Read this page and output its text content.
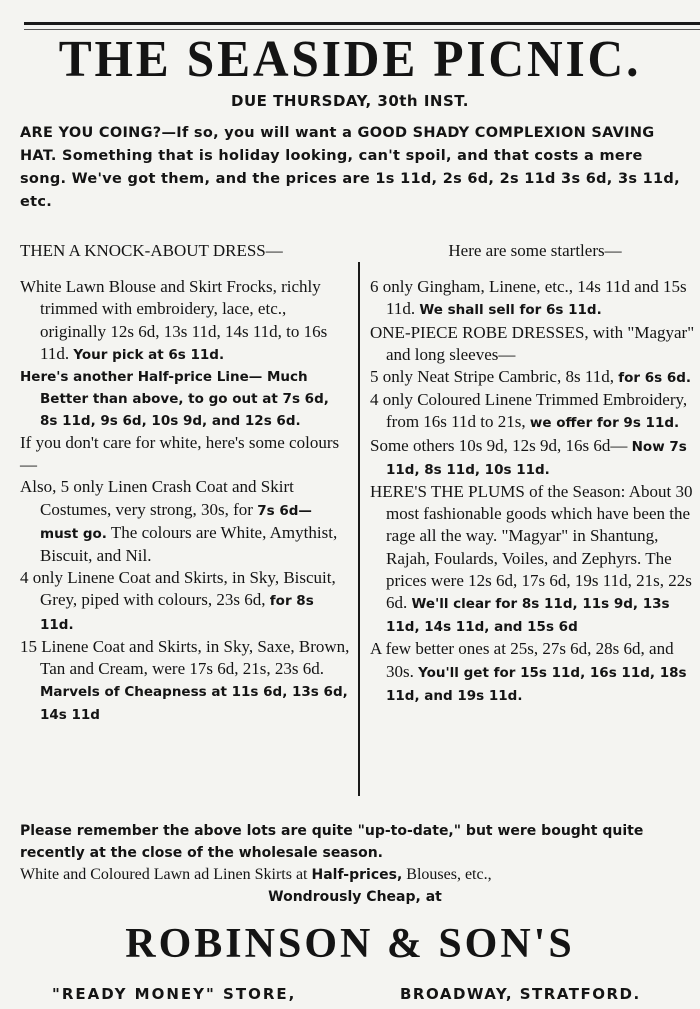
THE SEASIDE PICNIC.
DUE THURSDAY, 30th INST.
ARE YOU COING?—If so, you will want a GOOD SHADY COMPLEXION SAVING HAT. Something that is holiday looking, can't spoil, and that costs a mere song. We've got them, and the prices are 1s 11d, 2s 6d, 2s 11d 3s 6d, 3s 11d, etc.

THEN A KNOCK-ABOUT DRESS—

White Lawn Blouse and Skirt Frocks, richly trimmed with embroidery, lace, etc., originally 12s 6d, 13s 11d, 14s 11d, to 16s 11d. Your pick at 6s 11d.

Here's another Half-price Line— Much Better than above, to go out at 7s 6d, 8s 11d, 9s 6d, 10s 9d, and 12s 6d.

If you don't care for white, here's some colours—

Also, 5 only Linen Crash Coat and Skirt Costumes, very strong, 30s, for 7s 6d—must go. The colours are White, Amythist, Biscuit, and Nil.

4 only Linene Coat and Skirts, in Sky, Biscuit, Grey, piped with colours, 23s 6d, for 8s 11d.

15 Linene Coat and Skirts, in Sky, Saxe, Brown, Tan and Cream, were 17s 6d, 21s, 23s 6d. Marvels of Cheapness at 11s 6d, 13s 6d, 14s 11d

Here are some startlers—

6 only Gingham, Linene, etc., 14s 11d and 15s 11d. We shall sell for 6s 11d.

ONE-PIECE ROBE DRESSES, with "Magyar" and long sleeves—

5 only Neat Stripe Cambric, 8s 11d, for 6s 6d.

4 only Coloured Linene Trimmed Embroidery, from 16s 11d to 21s, we offer for 9s 11d.

Some others 10s 9d, 12s 9d, 16s 6d— Now 7s 11d, 8s 11d, 10s 11d.

HERE'S THE PLUMS of the Season: About 30 most fashionable goods which have been the rage all the way. "Magyar" in Shantung, Rajah, Foulards, Voiles, and Zephyrs. The prices were 12s 6d, 17s 6d, 19s 11d, 21s, 22s 6d. We'll clear for 8s 11d, 11s 9d, 13s 11d, 14s 11d, and 15s 6d

A few better ones at 25s, 27s 6d, 28s 6d, and 30s. You'll get for 15s 11d, 16s 11d, 18s 11d, and 19s 11d.

Please remember the above lots are quite "up-to-date," but were bought quite recently at the close of the wholesale season.

White and Coloured Lawn ad Linen Skirts at Half-prices, Blouses, etc.,

Wondrously Cheap, at

ROBINSON & SON'S
"READY MONEY" STORE,	BROADWAY, STRATFORD.
